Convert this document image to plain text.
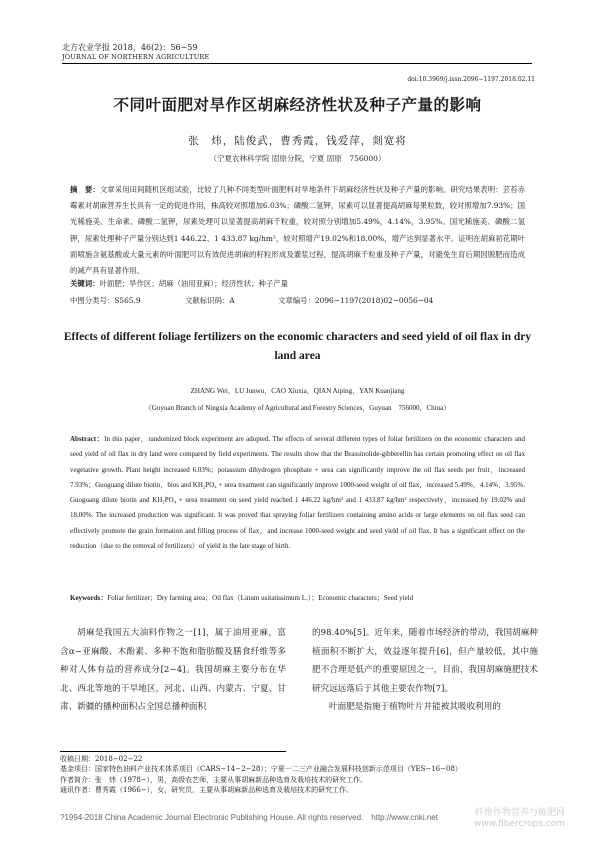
北方农业学报 2018，46(2)：56−59
JOURNAL OF NORTHERN AGRICULTURE
doi:10.3969/j.issn.2096−1197.2018.02.11
不同叶面肥对旱作区胡麻经济性状及种子产量的影响
张　炜，陆俊武，曹秀霞，钱爱萍，剡宽将
（宁夏农林科学院 固原分院，宁夏 固原　756000）
摘　要：文章采用田间随机区组试验，比较了几种不同类型叶面肥料对旱地条件下胡麻经济性状及种子产量的影响。研究结果表明：芸苔赤霉素对胡麻营养生长具有一定的促进作用，株高较对照增加6.03%；磷酸二氢钾，尿素可以显著提高胡麻每果粒数，较对照增加7.93%；国光稀施美、生命素、磷酸二氢钾，尿素处理可以显著提高胡麻千粒重，较对照分别增加5.49%，4.14%，3.95%。国光稀施美、磷酸二氢钾，尿素处理种子产量分别达到1 446.22、1 433.87 kg/hm²，较对照增产19.02%和18.00%，增产达到显著水平。证明在胡麻初花期叶面喷施含氨基酸或大量元素的叶面肥可以有效促进胡麻的籽粒形成及灌浆过程，提高胡麻千粒重及种子产量，对避免生育后期因脱肥而造成的减产具有显著作用。
关键词：叶面肥；旱作区；胡麻（油用亚麻）；经济性状；种子产量
中图分类号：S565.9	文献标识码：A	文章编号：2096−1197(2018)02−0056−04
Effects of different foliage fertilizers on the economic characters and seed yield of oil flax in dry land area
ZHANG Wei，LU Junwu，CAO Xiuxia，QIAN Aiping，YAN Kuanjiang
（Guyuan Branch of Ningxia Academy of Agricultural and Forestry Sciences，Guyuan　756000，China）
Abstract：In this paper，randomized block experiment are adopted. The effects of several different types of foliar fertilizers on the economic characters and seed yield of oil flax in dry land were compared by field experiments. The results show that the Brassinolide-gibberellin has certain promoting effect on oil flax vegetative growth. Plant height increased 6.03%；potassium dihydrogen phosphate + urea can significantly improve the oil flax seeds per fruit，increased 7.93%；Guoguang dilute biotin，bios and KH₂PO₄ + urea treatment can significantly improve 1000-seed weight of oil flax，increased 5.49%，4.14%，3.95%. Guoguang dilute biotin and KH₂PO₄ + urea treatment on seed yield reached 1 446.22 kg/hm² and 1 433.87 kg/hm² respectively，increased by 19.02% and 18.00%. The increased production was significant. It was proved that spraying foliar fertilizers containing amino acids or large elements on oil flax seed can effectively promote the grain formation and filling process of flax，and increase 1000-seed weight and seed yield of oil flax. It has a significant effect on the reduction（due to the removal of fertilizers）of yield in the late stage of birth.
Keywords：Foliar fertilizer；Dry farming area；Oil flax（Linum usitatissimum L.）；Economic characters；Seed yield
胡麻是我国五大油料作物之一[1]，属于油用亚麻，富含α−亚麻酸、木酚素、多种不饱和脂肪酸及膳食纤维等多种对人体有益的营养成分[2−4]。我国胡麻主要分布在华北、西北等地的干旱地区，河北、山西、内蒙古、宁夏、甘肃、新疆的播种面积占全国总播种面积
的98.40%[5]。近年来，随着市场经济的带动，我国胡麻种植面积不断扩大，效益逐年提升[6]，但产量较低，其中施肥不合理是低产的重要原因之一，目前，我国胡麻施肥技术研究远远落后于其他主要农作物[7]。
叶面肥是指施于植物叶片并能被其吸收利用的
收稿日期：2018−02−22
基金项目：国家特色油料产业技术体系项目（CARS−14−2−28）；宁夏一二三产业融合发展科技创新示范项目（YES−16−08）
作者简介：张　炜（1978−），男，高级农艺师，主要从事胡麻新品种选育及栽培技术的研究工作。
通讯作者：曹秀霞（1966−），女，研究员，主要从事胡麻新品种选育及栽培技术的研究工作。
?1994-2018 China Academic Journal Electronic Publishing House. All rights reserved.　http://www.cnki.net	纤维作物营养与施肥网
www.fibercrops.com
